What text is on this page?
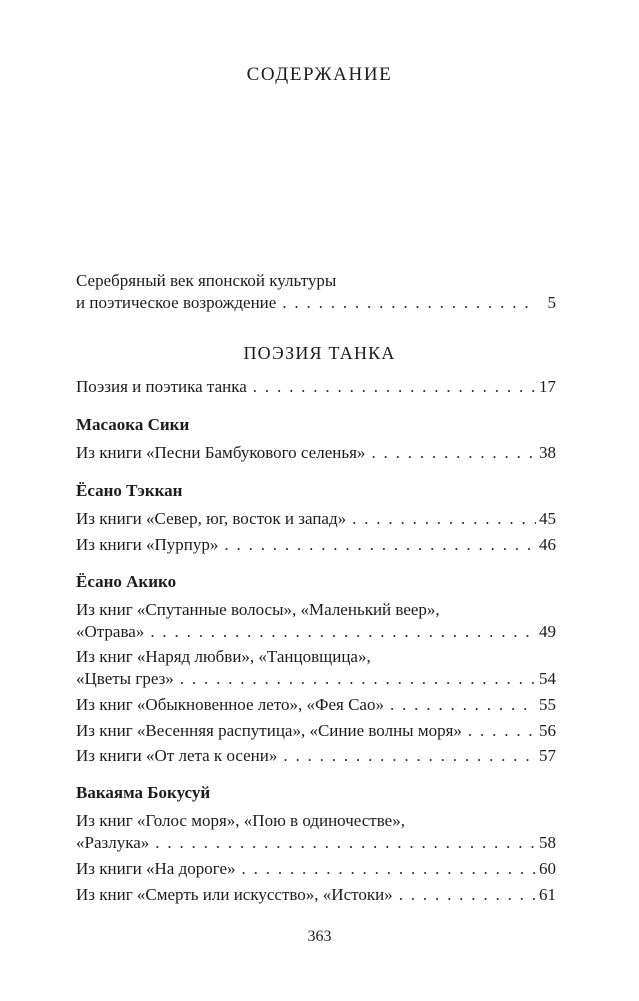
СОДЕРЖАНИЕ
Серебряный век японской культуры
и поэтическое возрождение . . .	5
ПОЭЗИЯ ТАНКА
Поэзия и поэтика танка . . .	17
Масаока Сики
Из книги «Песни Бамбукового селенья» . . .	38
Ёсано Тэккан
Из книги «Север, юг, восток и запад» . . .	45
Из книги «Пурпур» . . .	46
Ёсано Акико
Из книг «Спутанные волосы», «Маленький веер»,
«Отрава» . . .	49
Из книг «Наряд любви», «Танцовщица»,
«Цветы грез» . . .	54
Из книг «Обыкновенное лето», «Фея Сао» . . .	55
Из книг «Весенняя распутица», «Синие волны моря» . . .	56
Из книги «От лета к осени» . . .	57
Вакаяма Бокусуй
Из книг «Голос моря», «Пою в одиночестве»,
«Разлука» . . .	58
Из книги «На дороге» . . .	60
Из книг «Смерть или искусство», «Истоки» . . .	61
363
